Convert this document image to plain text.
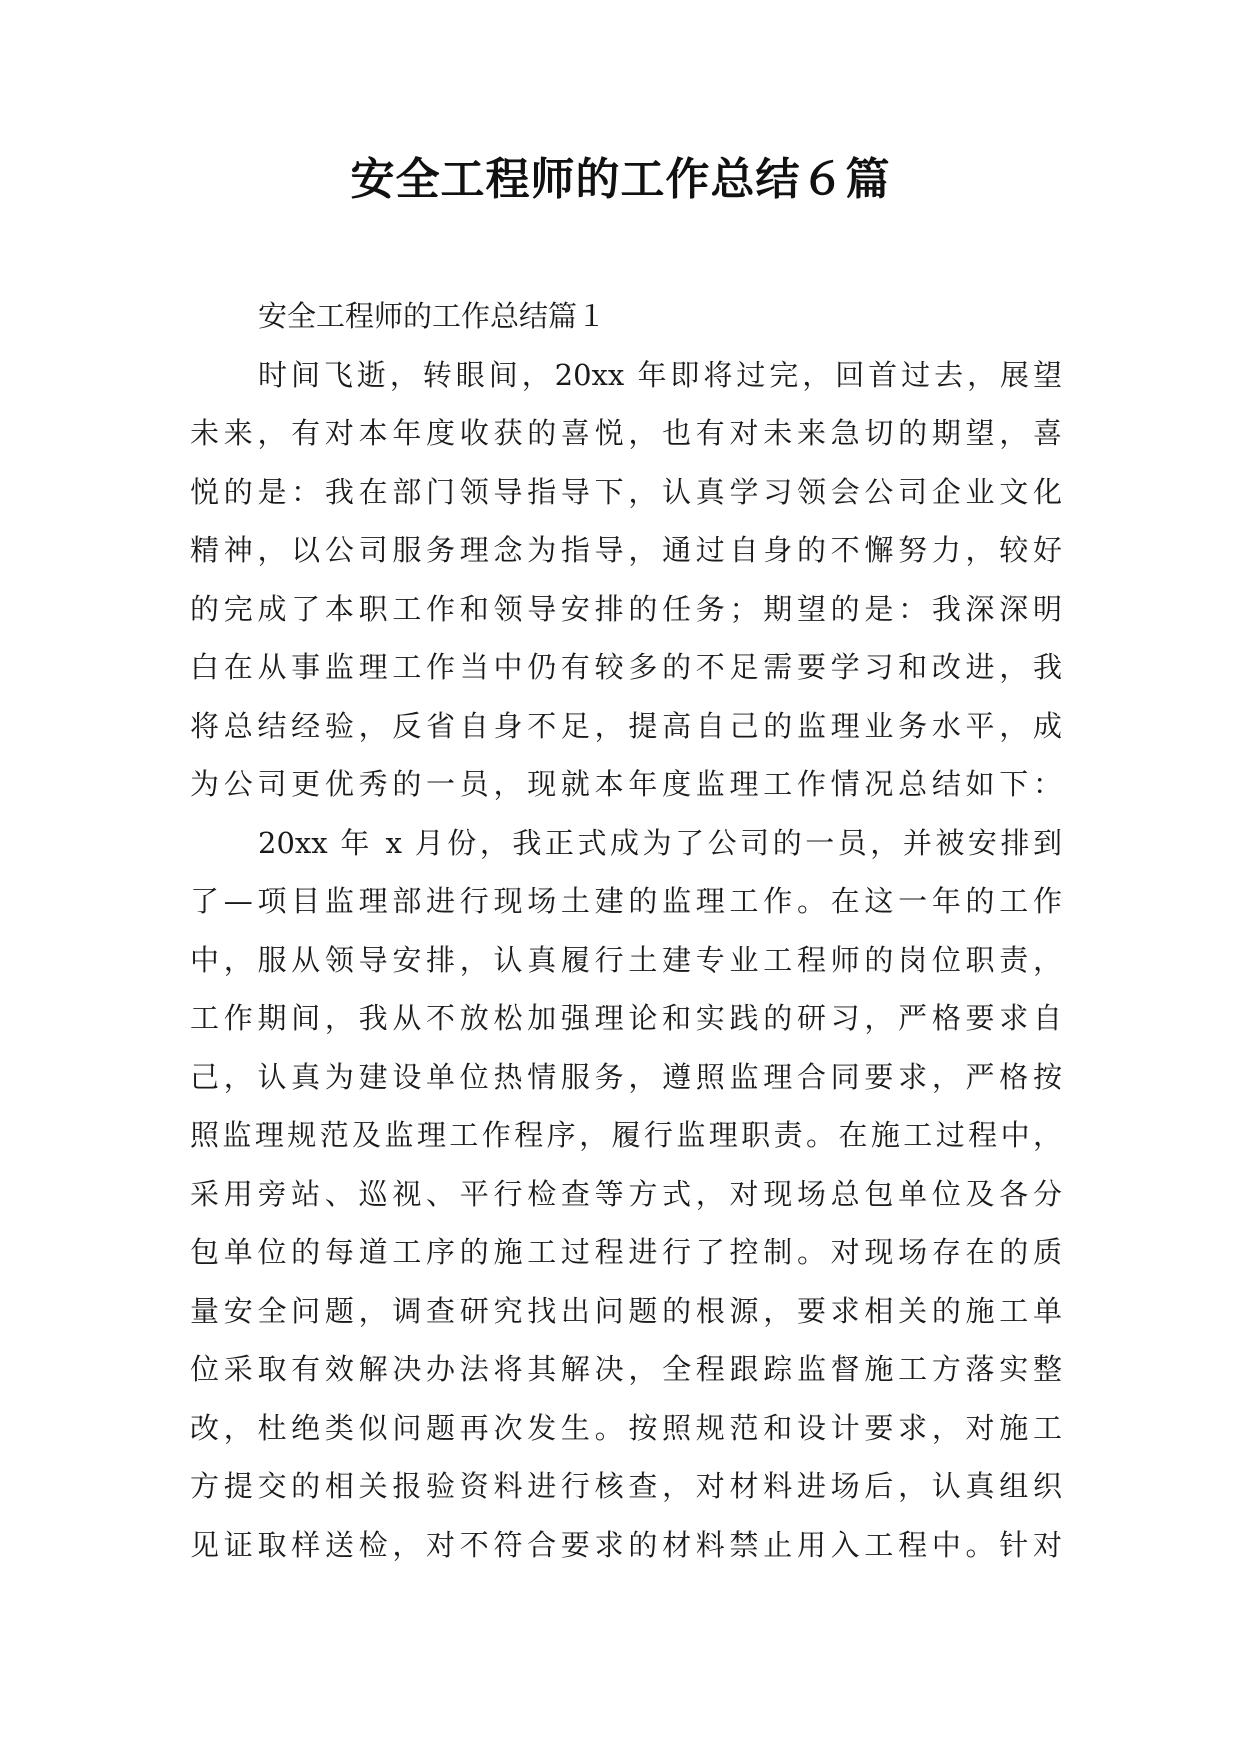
安全工程师的工作总结６篇
安全工程师的工作总结篇１
时间飞逝，转眼间，20xx 年即将过完，回首过去，展望
未来，有对本年度收获的喜悦，也有对未来急切的期望，喜
悦的是：我在部门领导指导下，认真学习领会公司企业文化
精神，以公司服务理念为指导，通过自身的不懈努力，较好
的完成了本职工作和领导安排的任务；期望的是：我深深明
白在从事监理工作当中仍有较多的不足需要学习和改进，我
将总结经验，反省自身不足，提高自己的监理业务水平，成
为公司更优秀的一员，现就本年度监理工作情况总结如下：
20xx 年 x 月份，我正式成为了公司的一员，并被安排到
了—项目监理部进行现场土建的监理工作。在这一年的工作
中，服从领导安排，认真履行土建专业工程师的岗位职责，
工作期间，我从不放松加强理论和实践的研习，严格要求自
己，认真为建设单位热情服务，遵照监理合同要求，严格按
照监理规范及监理工作程序，履行监理职责。在施工过程中，
采用旁站、巡视、平行检查等方式，对现场总包单位及各分
包单位的每道工序的施工过程进行了控制。对现场存在的质
量安全问题，调查研究找出问题的根源，要求相关的施工单
位采取有效解决办法将其解决，全程跟踪监督施工方落实整
改，杜绝类似问题再次发生。按照规范和设计要求，对施工
方提交的相关报验资料进行核查，对材料进场后，认真组织
见证取样送检，对不符合要求的材料禁止用入工程中。针对
